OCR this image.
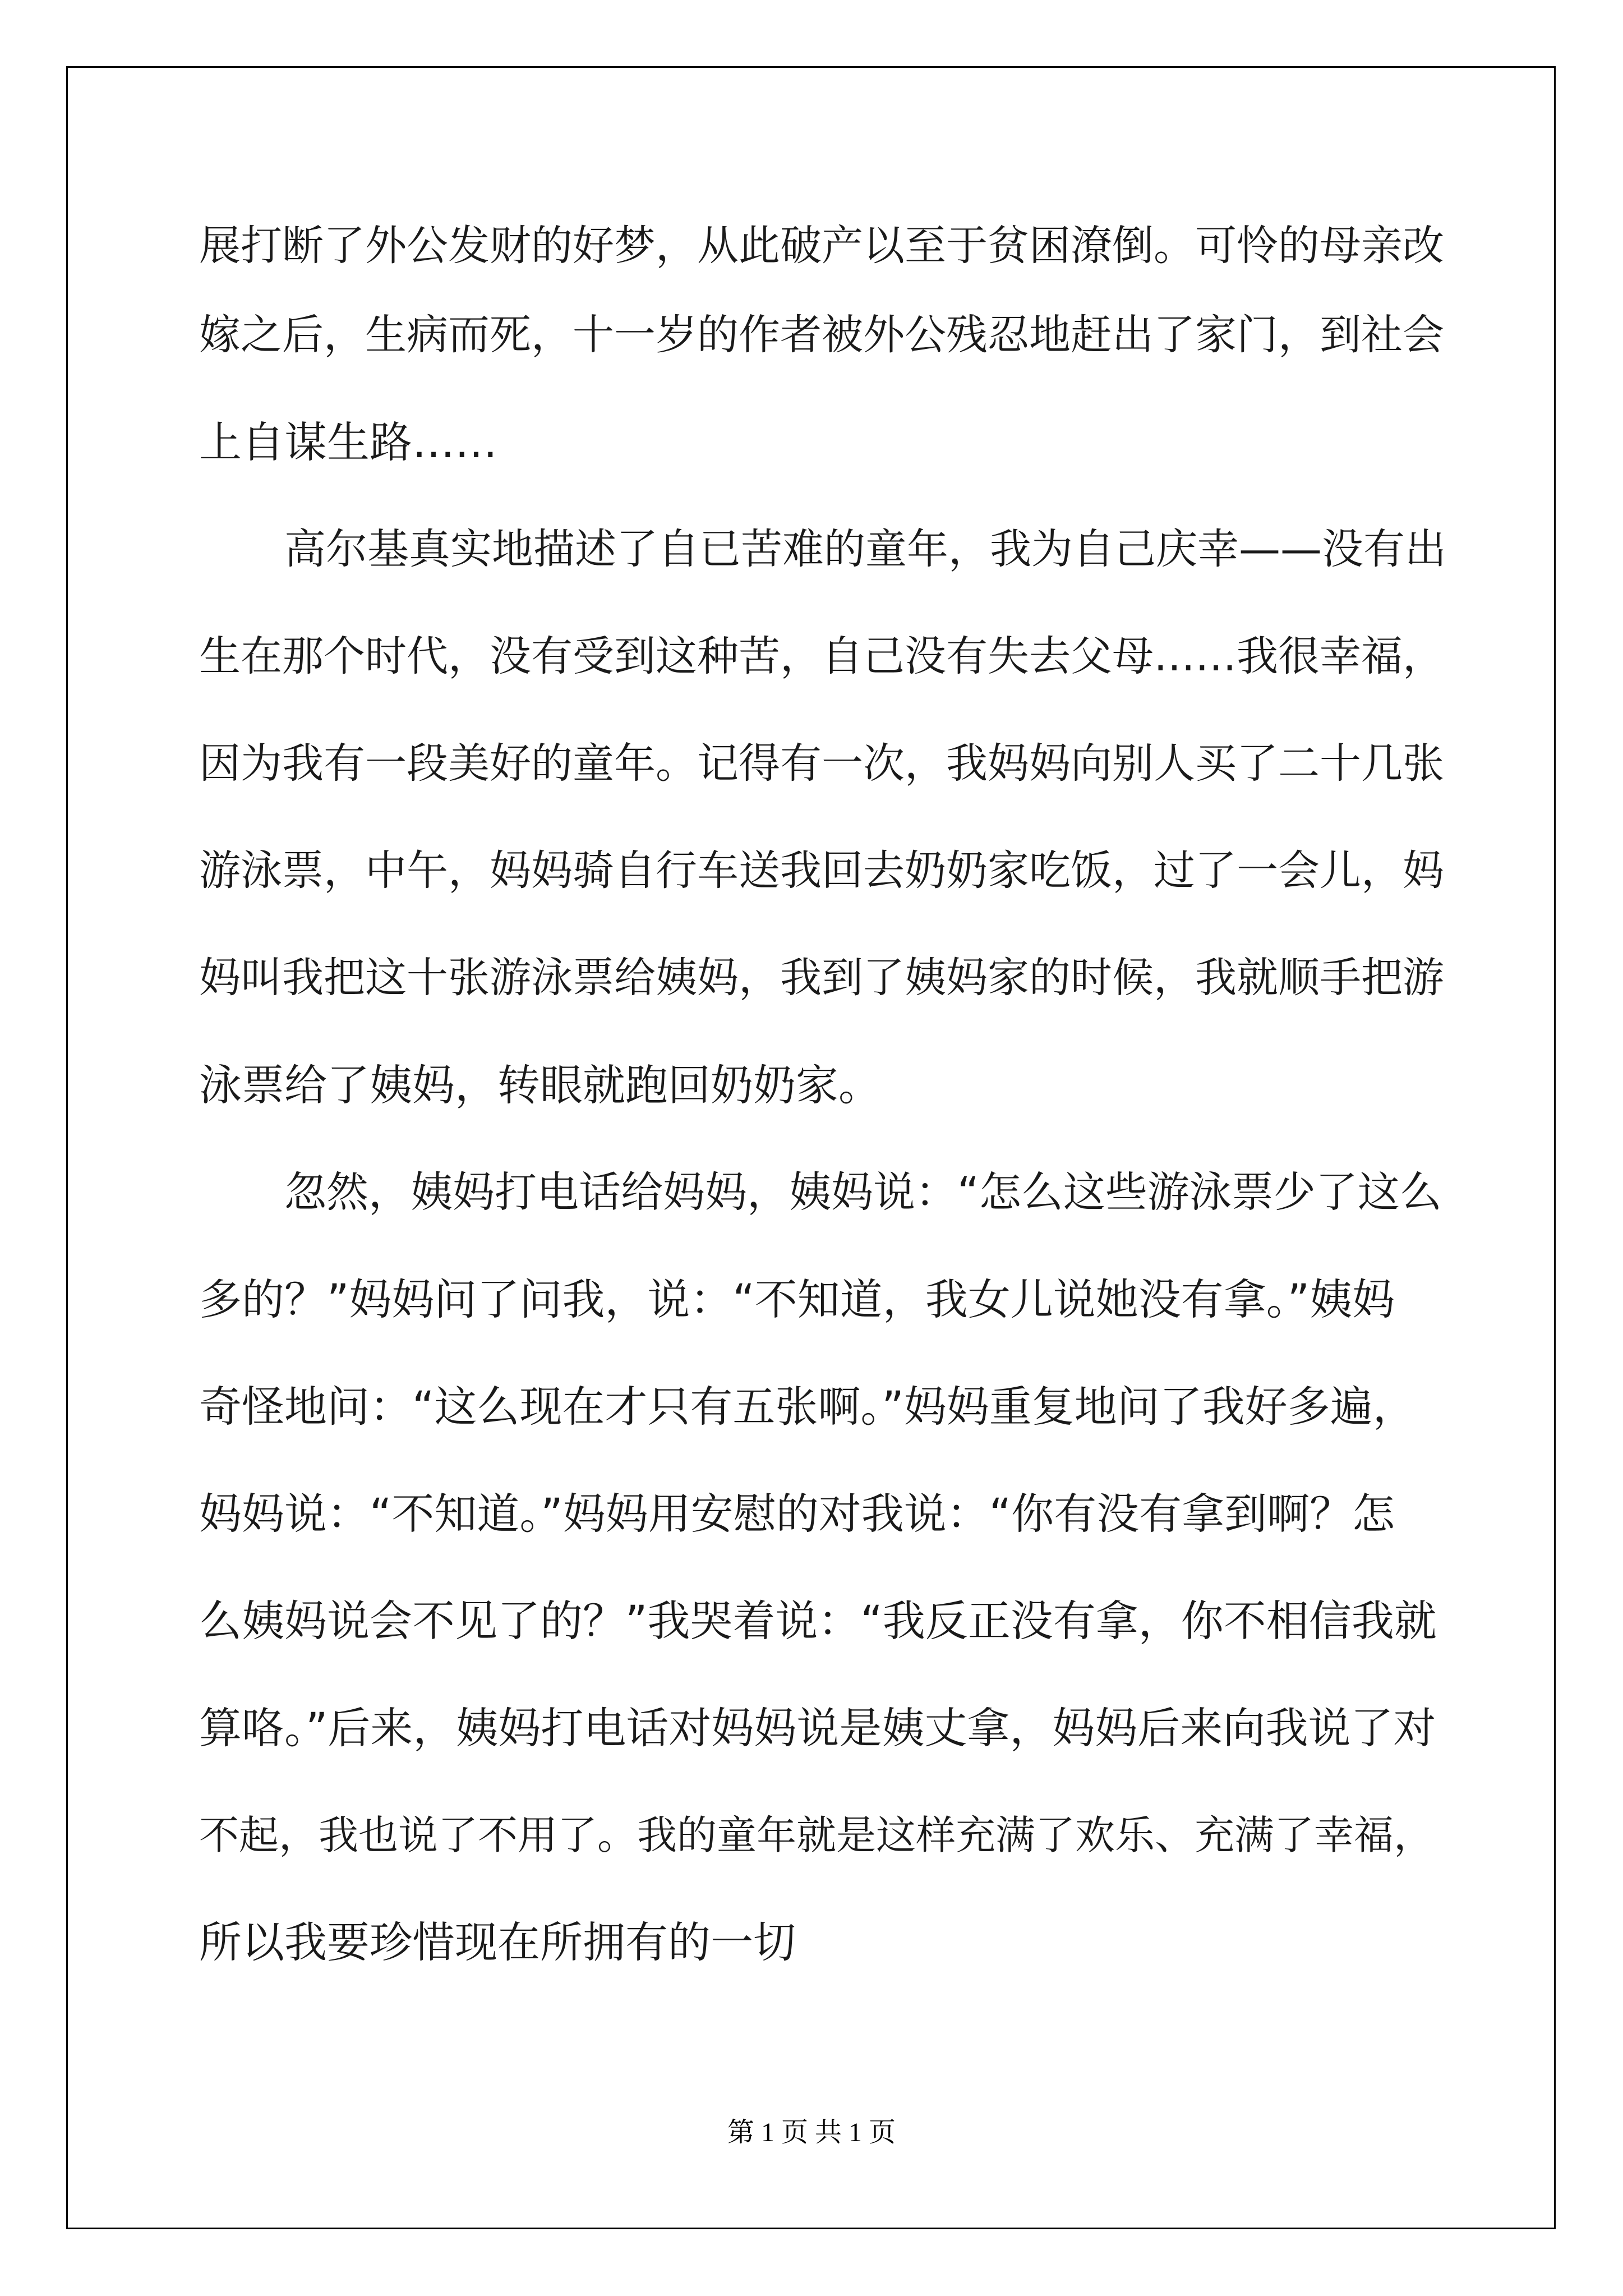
展打断了外公发财的好梦，从此破产以至于贫困潦倒。可怜的母亲改

嫁之后，生病而死，十一岁的作者被外公残忍地赶出了家门，到社会

上自谋生路……

高尔基真实地描述了自已苦难的童年，我为自己庆幸——没有出

生在那个时代，没有受到这种苦，自己没有失去父母……我很幸福，

因为我有一段美好的童年。记得有一次，我妈妈向别人买了二十几张

游泳票，中午，妈妈骑自行车送我回去奶奶家吃饭，过了一会儿，妈

妈叫我把这十张游泳票给姨妈，我到了姨妈家的时候，我就顺手把游

泳票给了姨妈，转眼就跑回奶奶家。

忽然，姨妈打电话给妈妈，姨妈说：“怎么这些游泳票少了这么

多的？”妈妈问了问我，说：“不知道，我女儿说她没有拿。”姨妈

奇怪地问：“这么现在才只有五张啊。”妈妈重复地问了我好多遍，

妈妈说：“不知道。”妈妈用安慰的对我说：“你有没有拿到啊？怎

么姨妈说会不见了的？”我哭着说：“我反正没有拿，你不相信我就

算咯。”后来，姨妈打电话对妈妈说是姨丈拿，妈妈后来向我说了对

不起，我也说了不用了。我的童年就是这样充满了欢乐、充满了幸福，

所以我要珍惜现在所拥有的一切

第 1 页 共 1 页
